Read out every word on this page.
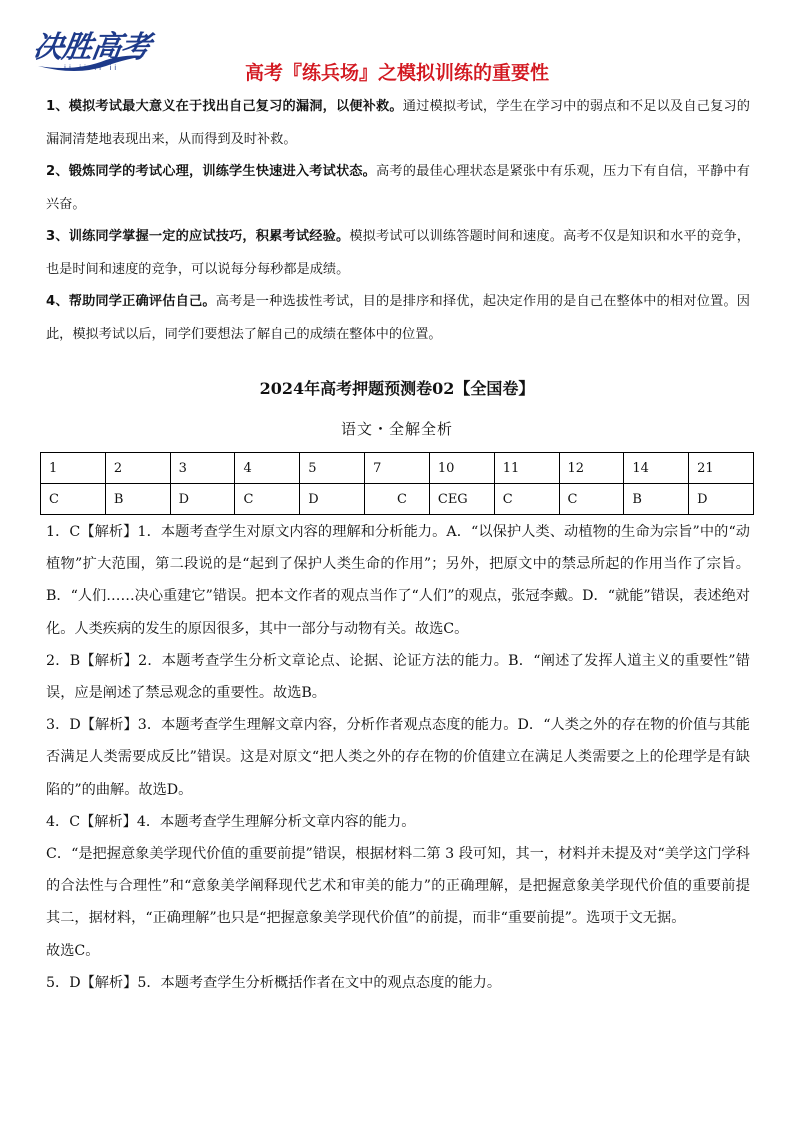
决胜高考
ii ii ii ii	高考『练兵场』之模拟训练的重要性

1、模拟考试最大意义在于找出自己复习的漏洞，以便补救。通过模拟考试，学生在学习中的弱点和不足以及自己复习的漏洞清楚地表现出来，从而得到及时补救。

2、锻炼同学的考试心理，训练学生快速进入考试状态。高考的最佳心理状态是紧张中有乐观，压力下有自信，平静中有兴奋。

3、训练同学掌握一定的应试技巧，积累考试经验。模拟考试可以训练答题时间和速度。高考不仅是知识和水平的竞争，也是时间和速度的竞争，可以说每分每秒都是成绩。

4、帮助同学正确评估自己。高考是一种选拔性考试，目的是排序和择优，起决定作用的是自己在整体中的相对位置。因此，模拟考试以后，同学们要想法了解自己的成绩在整体中的位置。

2024年高考押题预测卷02【全国卷】
语文・全解全析
1	2	3	4	5	7	10	11	12	14	21
C	B	D	C	D	C	CEG	C	C	B	D

1．C【解析】1．本题考查学生对原文内容的理解和分析能力。A．“以保护人类、动植物的生命为宗旨”中的“动植物”扩大范围，第二段说的是“起到了保护人类生命的作用”；另外，把原文中的禁忌所起的作用当作了宗旨。B．“人们……决心重建它”错误。把本文作者的观点当作了“人们”的观点，张冠李戴。D．“就能”错误，表述绝对化。人类疾病的发生的原因很多，其中一部分与动物有关。故选C。

2．B【解析】2．本题考查学生分析文章论点、论据、论证方法的能力。B．“阐述了发挥人道主义的重要性”错误，应是阐述了禁忌观念的重要性。故选B。

3．D【解析】3．本题考查学生理解文章内容，分析作者观点态度的能力。D．“人类之外的存在物的价值与其能否满足人类需要成反比”错误。这是对原文“把人类之外的存在物的价值建立在满足人类需要之上的伦理学是有缺陷的”的曲解。故选D。

4．C【解析】4．本题考查学生理解分析文章内容的能力。

C．“是把握意象美学现代价值的重要前提”错误，根据材料二第 3 段可知，其一，材料并未提及对“美学这门学科的合法性与合理性”和“意象美学阐释现代艺术和审美的能力”的正确理解，是把握意象美学现代价值的重要前提 其二，据材料，“正确理解”也只是“把握意象美学现代价值”的前提，而非“重要前提”。选项于文无据。

故选C。

5．D【解析】5．本题考查学生分析概括作者在文中的观点态度的能力。
